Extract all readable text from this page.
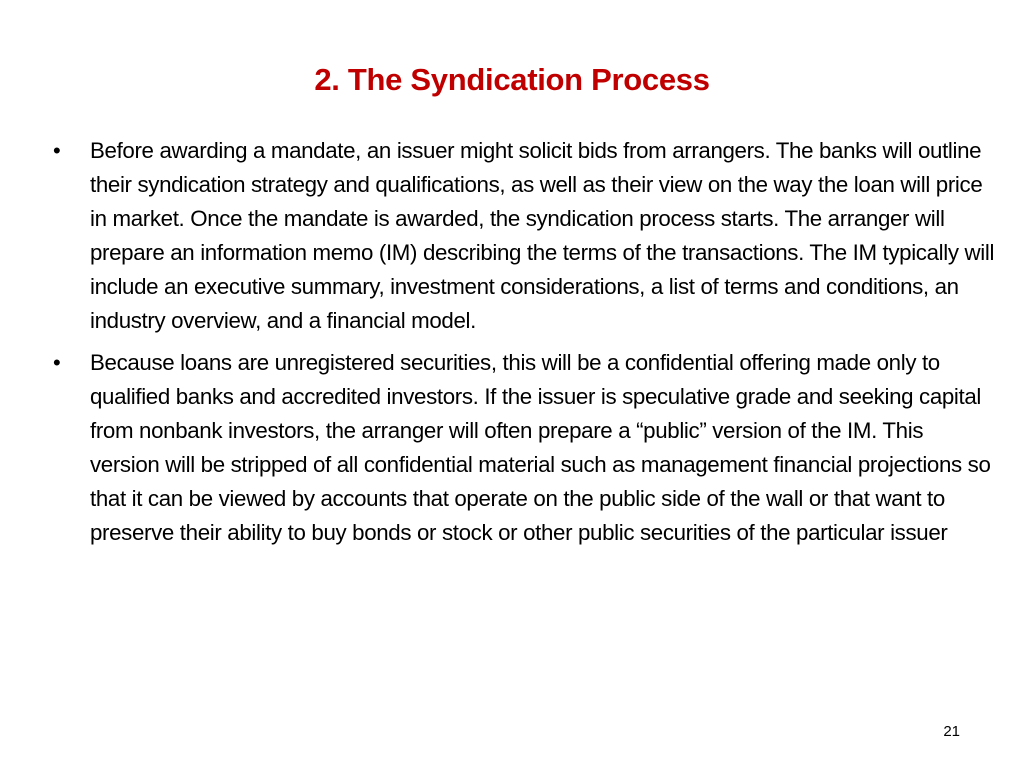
2. The Syndication Process
• Before awarding a mandate, an issuer might solicit bids from arrangers. The banks will outline their syndication strategy and qualifications, as well as their view on the way the loan will price in market. Once the mandate is awarded, the syndication process starts. The arranger will prepare an information memo (IM) describing the terms of the transactions. The IM typically will include an executive summary, investment considerations, a list of terms and conditions, an industry overview, and a financial model.
• Because loans are unregistered securities, this will be a confidential offering made only to qualified banks and accredited investors. If the issuer is speculative grade and seeking capital from nonbank investors, the arranger will often prepare a “public” version of the IM. This version will be stripped of all confidential material such as management financial projections so that it can be viewed by accounts that operate on the public side of the wall or that want to preserve their ability to buy bonds or stock or other public securities of the particular issuer
21
